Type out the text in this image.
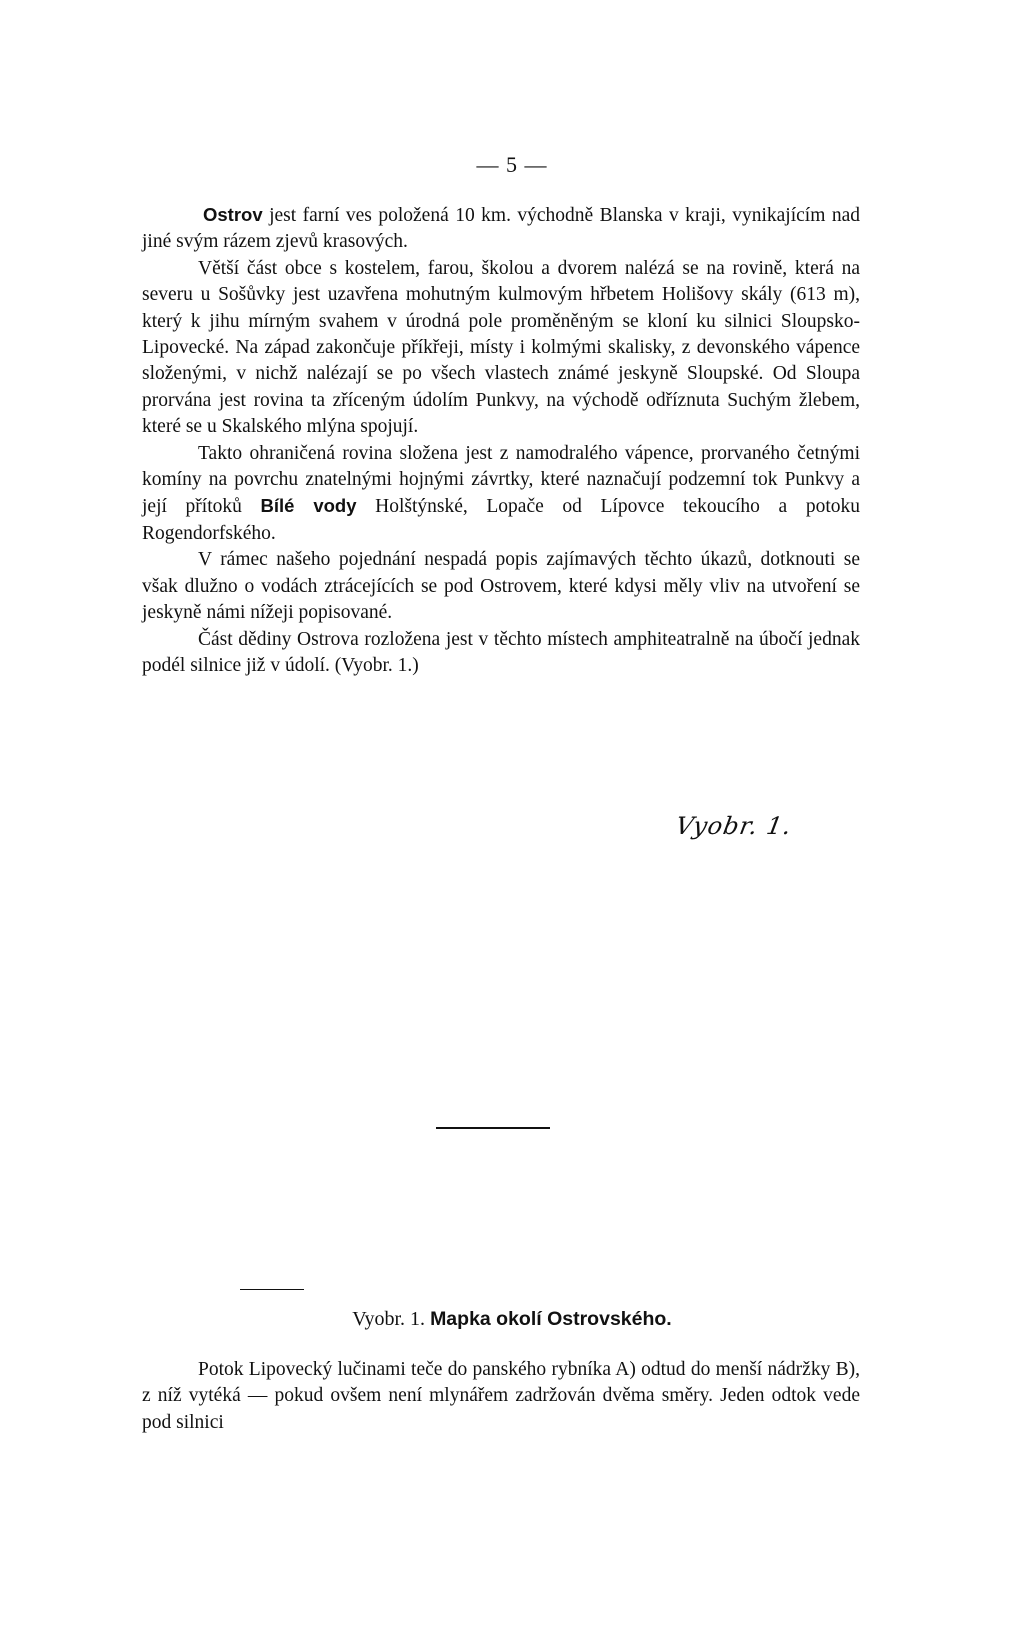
— 5 —

Ostrov jest farní ves položená 10 km. východně Blanska v kraji, vynikajícím nad jiné svým rázem zjevů krasových.

Větší část obce s kostelem, farou, školou a dvorem nalézá se na rovině, která na severu u Sošůvky jest uzavřena mohutným kulmovým hřbetem Holišovy skály (613 m), který k jihu mírným svahem v úrodná pole proměněným se kloní ku silnici Sloupsko-Lipovecké. Na západ zakončuje příkřeji, místy i kolmými skalisky, z devonského vápence složenými, v nichž nalézají se po všech vlastech známé jeskyně Sloupské. Od Sloupa prorvána jest rovina ta zříceným údolím Punkvy, na východě odříznuta Suchým žlebem, které se u Skalského mlýna spojují.

Takto ohraničená rovina složena jest z namodralého vápence, prorvaného četnými komíny na povrchu znatelnými hojnými závrtky, které naznačují podzemní tok Punkvy a její přítoků Bílé vody Holštýnské, Lopače od Lípovce tekoucího a potoku Rogendorfského.

V rámec našeho pojednání nespadá popis zajímavých těchto úkazů, dotknouti se však dlužno o vodách ztrácejících se pod Ostrovem, které kdysi měly vliv na utvoření se jeskyně námi nížeji popisované.

Část dědiny Ostrova rozložena jest v těchto místech amphiteatralně na úbočí jednak podél silnice již v údolí. (Vyobr. 1.)

Vyobr. 1.
Vyobr. 1. Mapka okolí Ostrovského.

Potok Lipovecký lučinami teče do panského rybníka A) odtud do menší nádržky B), z níž vytéká — pokud ovšem není mlynářem zadržován dvěma směry. Jeden odtok vede pod silnici
